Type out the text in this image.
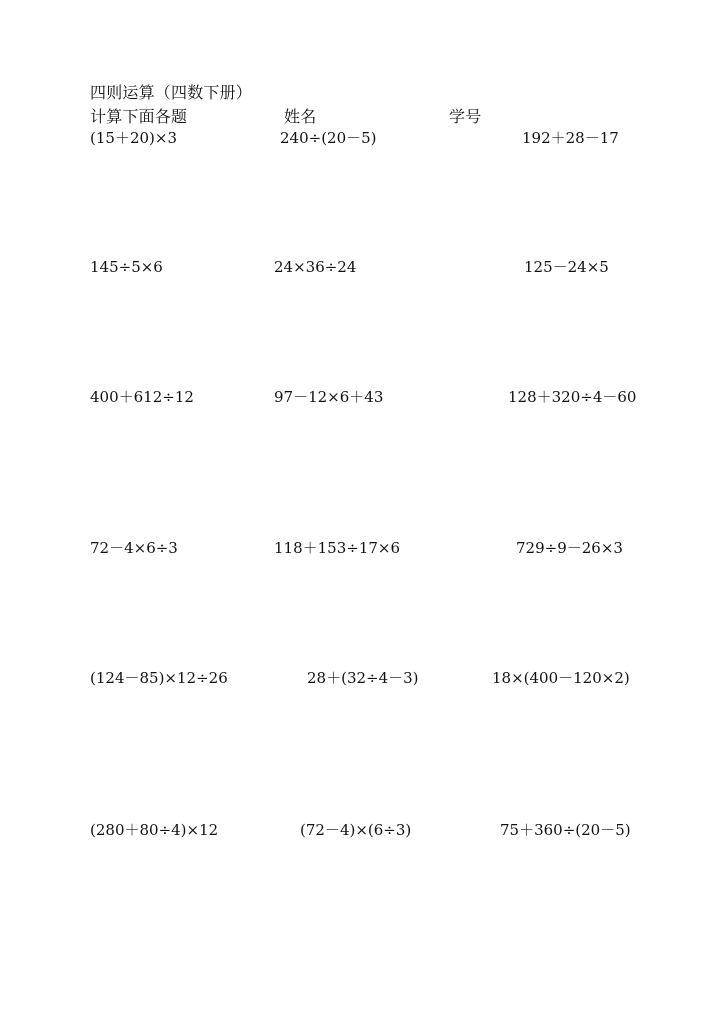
四则运算（四数下册）
计算下面各题	姓名	学号
(15＋20)×3	240÷(20－5)	192＋28－17
145÷5×6	24×36÷24	125－24×5
400＋612÷12	97－12×6＋43	128＋320÷4－60
72－4×6÷3	118＋153÷17×6	729÷9－26×3
(124－85)×12÷26	28＋(32÷4－3)	18×(400－120×2)
(280＋80÷4)×12	(72－4)×(6÷3)	75＋360÷(20－5)
